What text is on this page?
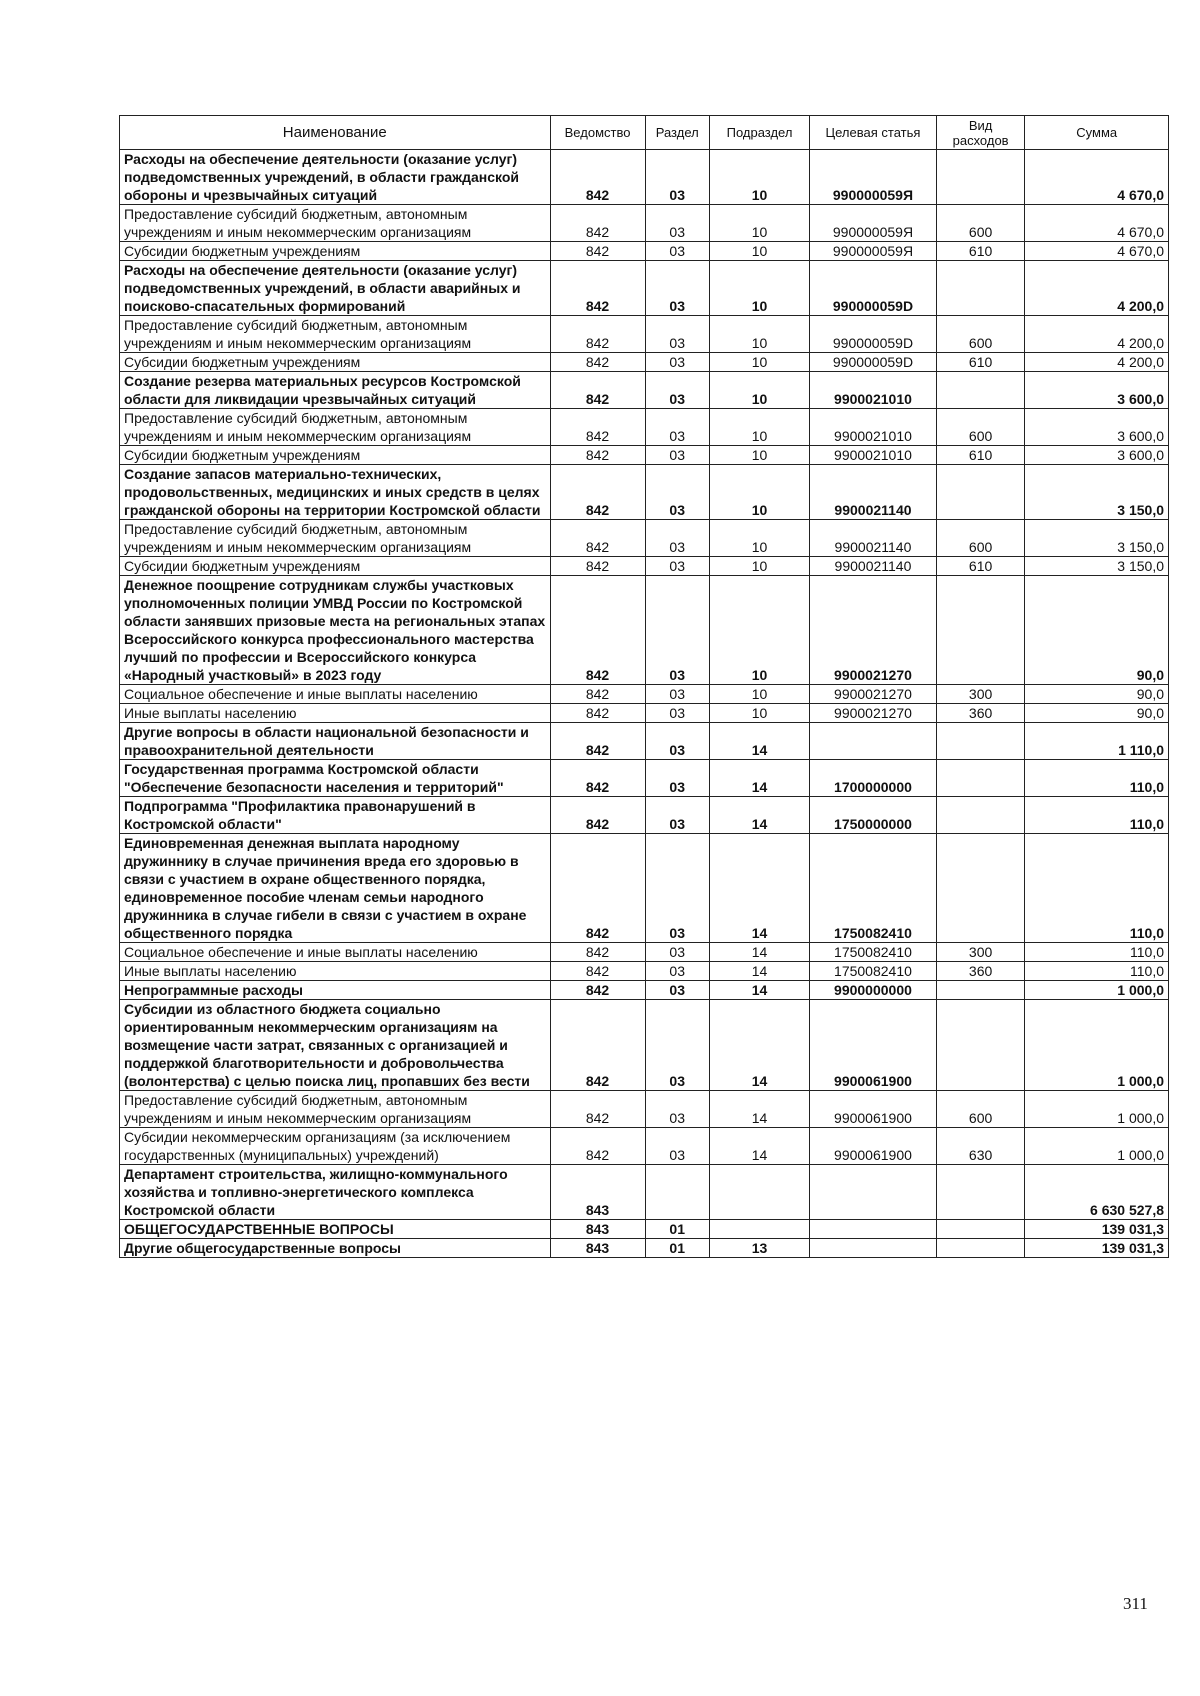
Наименование	Ведомство	Раздел	Подраздел	Целевая статья	Вид расходов	Сумма
Расходы на обеспечение деятельности (оказание услуг) подведомственных учреждений, в области гражданской обороны и чрезвычайных ситуаций	842	03	10	990000059Я		4 670,0
Предоставление субсидий бюджетным, автономным учреждениям и иным некоммерческим организациям	842	03	10	990000059Я	600	4 670,0
Субсидии бюджетным учреждениям	842	03	10	990000059Я	610	4 670,0
Расходы на обеспечение деятельности (оказание услуг) подведомственных учреждений, в области аварийных и поисково-спасательных формирований	842	03	10	990000059D		4 200,0
Предоставление субсидий бюджетным, автономным учреждениям и иным некоммерческим организациям	842	03	10	990000059D	600	4 200,0
Субсидии бюджетным учреждениям	842	03	10	990000059D	610	4 200,0
Создание резерва материальных ресурсов Костромской области для ликвидации чрезвычайных ситуаций	842	03	10	9900021010		3 600,0
Предоставление субсидий бюджетным, автономным учреждениям и иным некоммерческим организациям	842	03	10	9900021010	600	3 600,0
Субсидии бюджетным учреждениям	842	03	10	9900021010	610	3 600,0
Создание запасов материально-технических, продовольственных, медицинских и иных средств в целях гражданской обороны на территории Костромской области	842	03	10	9900021140		3 150,0
Предоставление субсидий бюджетным, автономным учреждениям и иным некоммерческим организациям	842	03	10	9900021140	600	3 150,0
Субсидии бюджетным учреждениям	842	03	10	9900021140	610	3 150,0
Денежное поощрение сотрудникам службы участковых уполномоченных полиции УМВД России по Костромской области занявших призовые места на региональных этапах Всероссийского конкурса профессионального мастерства лучший по профессии и Всероссийского конкурса «Народный участковый» в 2023 году	842	03	10	9900021270		90,0
Социальное обеспечение и иные выплаты населению	842	03	10	9900021270	300	90,0
Иные выплаты населению	842	03	10	9900021270	360	90,0
Другие вопросы в области национальной безопасности и правоохранительной деятельности	842	03	14			1 110,0
Государственная программа Костромской области "Обеспечение безопасности населения и территорий"	842	03	14	1700000000		110,0
Подпрограмма "Профилактика правонарушений в Костромской области"	842	03	14	1750000000		110,0
Единовременная денежная выплата народному дружиннику в случае причинения вреда его здоровью в связи с участием в охране общественного порядка, единовременное пособие членам семьи народного дружинника в случае гибели в связи с участием в охране общественного порядка	842	03	14	1750082410		110,0
Социальное обеспечение и иные выплаты населению	842	03	14	1750082410	300	110,0
Иные выплаты населению	842	03	14	1750082410	360	110,0
Непрограммные расходы	842	03	14	9900000000		1 000,0
Субсидии из областного бюджета социально ориентированным некоммерческим организациям на возмещение части затрат, связанных с организацией и поддержкой благотворительности и добровольчества (волонтерства) с целью поиска лиц, пропавших без вести	842	03	14	9900061900		1 000,0
Предоставление субсидий бюджетным, автономным учреждениям и иным некоммерческим организациям	842	03	14	9900061900	600	1 000,0
Субсидии некоммерческим организациям (за исключением государственных (муниципальных) учреждений)	842	03	14	9900061900	630	1 000,0
Департамент строительства, жилищно-коммунального хозяйства и топливно-энергетического комплекса Костромской области	843					6 630 527,8
ОБЩЕГОСУДАРСТВЕННЫЕ ВОПРОСЫ	843	01				139 031,3
Другие общегосударственные вопросы	843	01	13			139 031,3
311
